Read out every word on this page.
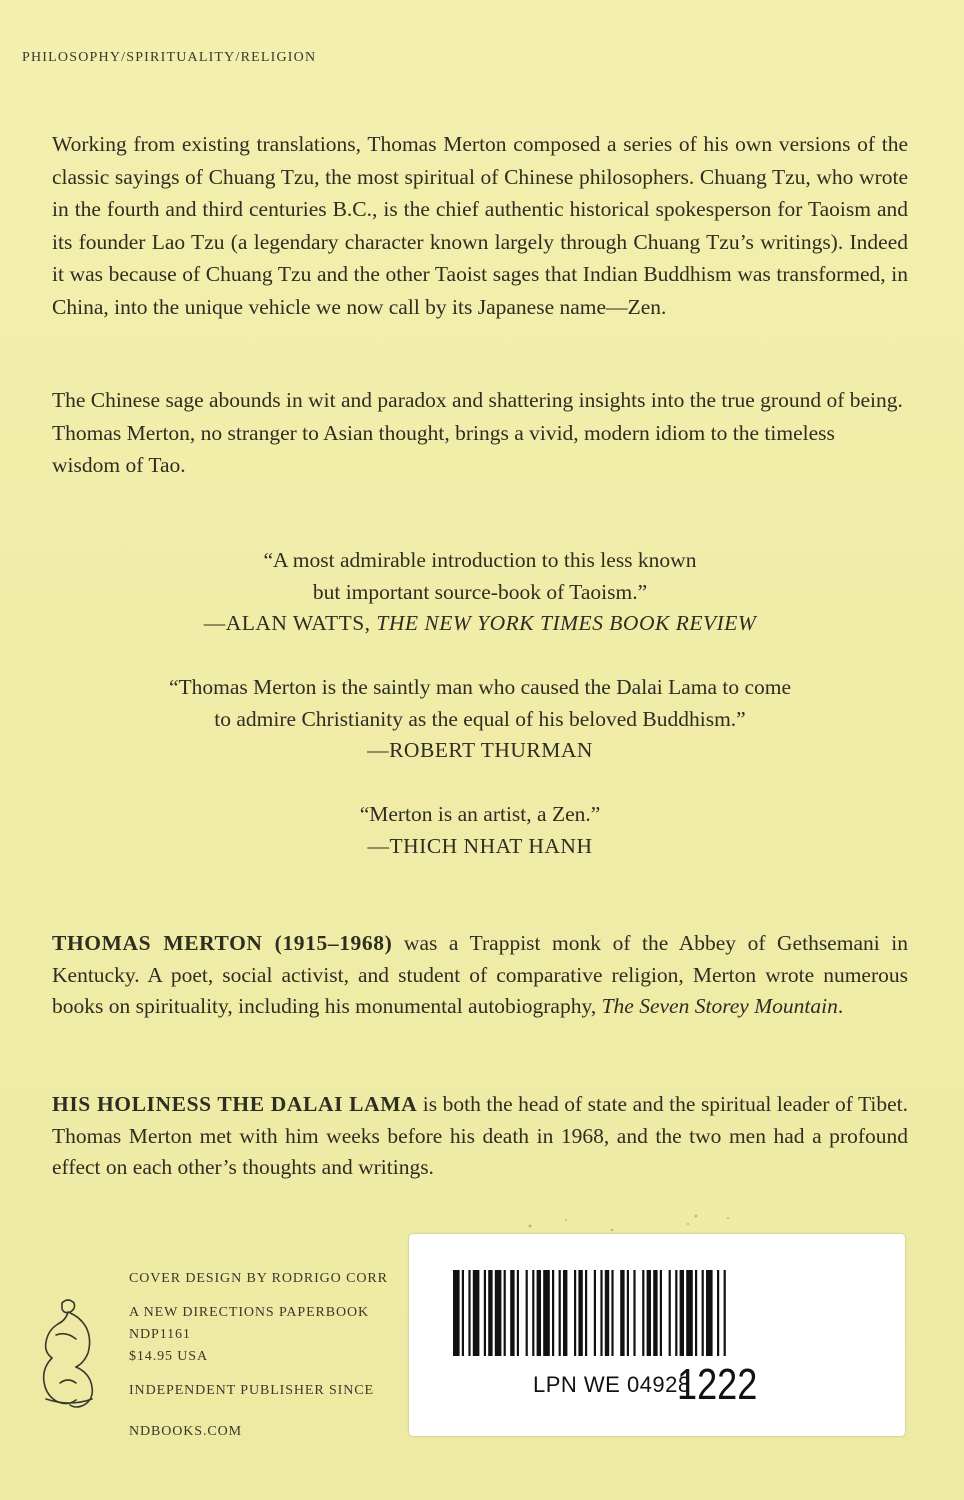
PHILOSOPHY/SPIRITUALITY/RELIGION

Working from existing translations, Thomas Merton composed a series of his own versions of the classic sayings of Chuang Tzu, the most spiritual of Chinese philosophers. Chuang Tzu, who wrote in the fourth and third centuries B.C., is the chief authentic historical spokesperson for Taoism and its founder Lao Tzu (a legendary character known largely through Chuang Tzu’s writings). Indeed it was because of Chuang Tzu and the other Taoist sages that Indian Buddhism was transformed, in China, into the unique vehicle we now call by its Japanese name—Zen.

The Chinese sage abounds in wit and paradox and shattering insights into the true ground of being. Thomas Merton, no stranger to Asian thought, brings a vivid, modern idiom to the timeless wisdom of Tao.

“A most admirable introduction to this less known
but important source-book of Taoism.”
—ALAN WATTS, THE NEW YORK TIMES BOOK REVIEW
“Thomas Merton is the saintly man who caused the Dalai Lama to come
to admire Christianity as the equal of his beloved Buddhism.”
—ROBERT THURMAN
“Merton is an artist, a Zen.”
—THICH NHAT HANH

THOMAS MERTON (1915–1968) was a Trappist monk of the Abbey of Gethsemani in Kentucky. A poet, social activist, and student of comparative religion, Merton wrote numerous books on spirituality, including his monumental autobiography, The Seven Storey Mountain.

HIS HOLINESS THE DALAI LAMA is both the head of state and the spiritual leader of Tibet. Thomas Merton met with him weeks before his death in 1968, and the two men had a profound effect on each other’s thoughts and writings.

COVER DESIGN BY RODRIGO CORR
A NEW DIRECTIONS PAPERBOOK
NDP1161
$14.95 USA
INDEPENDENT PUBLISHER SINCE
NDBOOKS.COM
LPN WE 04928
1222
